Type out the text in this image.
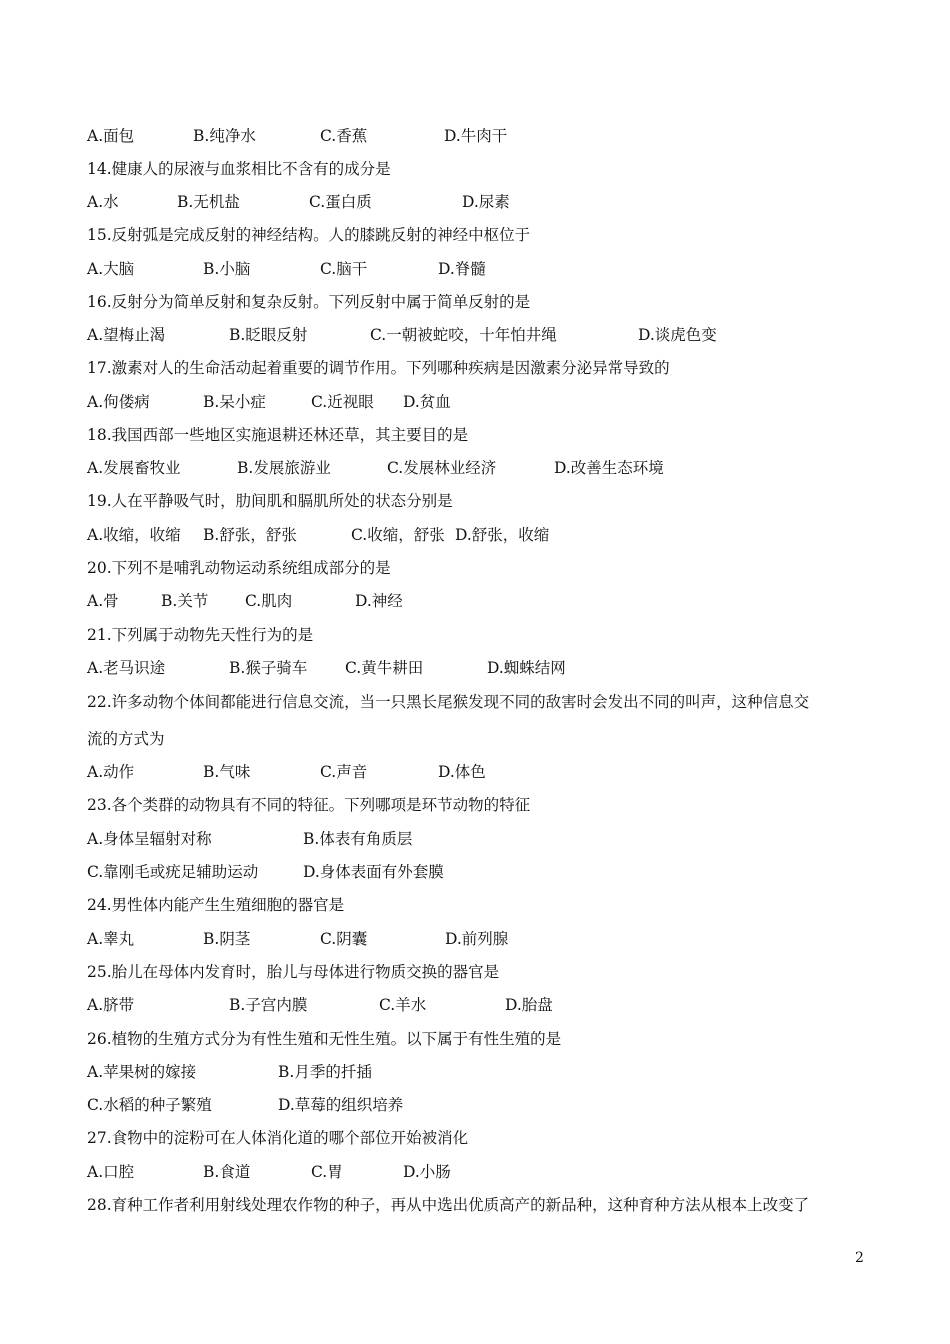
A.面包	B.纯净水	C.香蕉	D.牛肉干
14.健康人的尿液与血浆相比不含有的成分是
A.水	B.无机盐	C.蛋白质	D.尿素
15.反射弧是完成反射的神经结构。人的膝跳反射的神经中枢位于
A.大脑	B.小脑	C.脑干	D.脊髓
16.反射分为简单反射和复杂反射。下列反射中属于简单反射的是
A.望梅止渴	B.眨眼反射	C.一朝被蛇咬，十年怕井绳	D.谈虎色变
17.激素对人的生命活动起着重要的调节作用。下列哪种疾病是因激素分泌异常导致的
A.佝偻病	B.呆小症	C.近视眼 D.贫血
18.我国西部一些地区实施退耕还林还草，其主要目的是
A.发展畜牧业	B.发展旅游业	C.发展林业经济	D.改善生态环境
19.人在平静吸气时，肋间肌和膈肌所处的状态分别是
A.收缩，收缩 B.舒张，舒张	C.收缩，舒张 D.舒张，收缩
20.下列不是哺乳动物运动系统组成部分的是
A.骨	B.关节 C.肌肉	D.神经
21.下列属于动物先天性行为的是
A.老马识途	B.猴子骑车 C.黄牛耕田	D.蜘蛛结网
22.许多动物个体间都能进行信息交流，当一只黑长尾猴发现不同的敌害时会发出不同的叫声，这种信息交
流的方式为
A.动作	B.气味	C.声音	D.体色
23.各个类群的动物具有不同的特征。下列哪项是环节动物的特征
A.身体呈辐射对称	B.体表有角质层
C.靠刚毛或疣足辅助运动	D.身体表面有外套膜
24.男性体内能产生生殖细胞的器官是
A.睾丸	B.阴茎	C.阴囊	D.前列腺
25.胎儿在母体内发育时，胎儿与母体进行物质交换的器官是
A.脐带	B.子宫内膜	C.羊水	D.胎盘
26.植物的生殖方式分为有性生殖和无性生殖。以下属于有性生殖的是
A.苹果树的嫁接	B.月季的扦插
C.水稻的种子繁殖	D.草莓的组织培养
27.食物中的淀粉可在人体消化道的哪个部位开始被消化
A.口腔	B.食道	C.胃	D.小肠
28.育种工作者利用射线处理农作物的种子，再从中选出优质高产的新品种，这种育种方法从根本上改变了
2
